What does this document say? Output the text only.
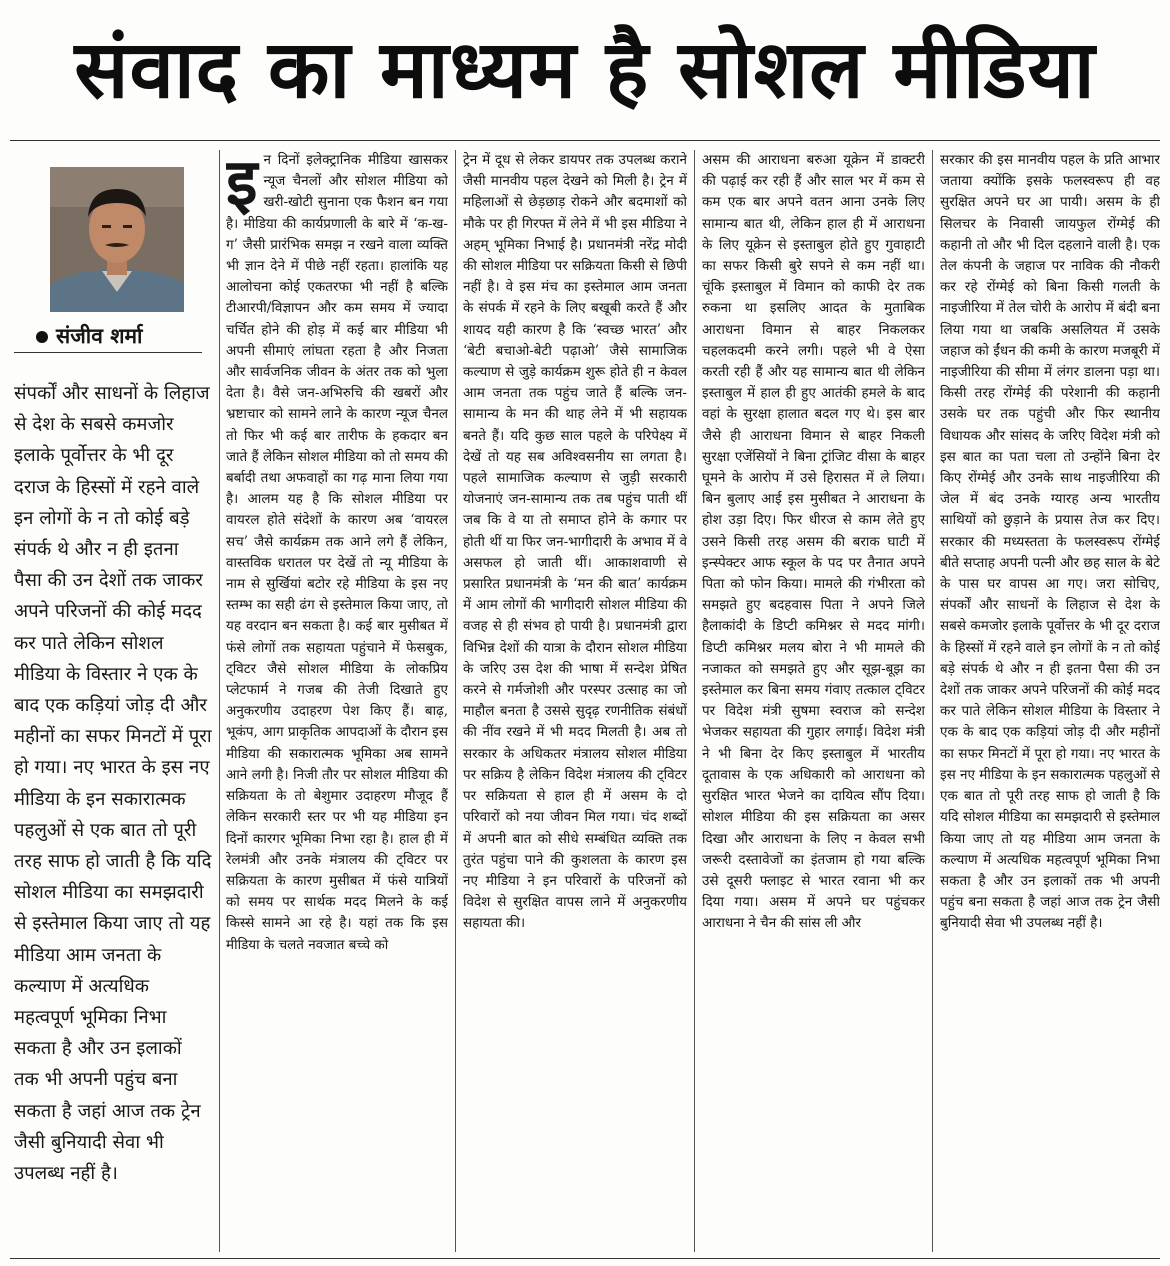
संवाद का माध्यम है सोशल मीडिया
संजीव शर्मा
संपर्कों और साधनों के लिहाज से देश के सबसे कमजोर इलाके पूर्वोत्तर के भी दूर दराज के हिस्सों में रहने वाले इन लोगों के न तो कोई बड़े संपर्क थे और न ही इतना पैसा की उन देशों तक जाकर अपने परिजनों की कोई मदद कर पाते लेकिन सोशल मीडिया के विस्तार ने एक के बाद एक कड़ियां जोड़ दी और महीनों का सफर मिनटों में पूरा हो गया। नए भारत के इस नए मीडिया के इन सकारात्मक पहलुओं से एक बात तो पूरी तरह साफ हो जाती है कि यदि सोशल मीडिया का समझदारी से इस्तेमाल किया जाए तो यह मीडिया आम जनता के कल्याण में अत्यधिक महत्वपूर्ण भूमिका निभा सकता है और उन इलाकों तक भी अपनी पहुंच बना सकता है जहां आज तक ट्रेन जैसी बुनियादी सेवा भी उपलब्ध नहीं है।
इ न दिनों इलेक्ट्रानिक मीडिया खासकर न्यूज चैनलों और सोशल मीडिया को खरी-खोटी सुनाना एक फैशन बन गया है। मीडिया की कार्यप्रणाली के बारे में ‘क-ख-ग’ जैसी प्रारंभिक समझ न रखने वाला व्यक्ति भी ज्ञान देने में पीछे नहीं रहता। हालांकि यह आलोचना कोई एकतरफा भी नहीं है बल्कि टीआरपी/विज्ञापन और कम समय में ज्यादा चर्चित होने की होड़ में कई बार मीडिया भी अपनी सीमाएं लांघता रहता है और निजता और सार्वजनिक जीवन के अंतर तक को भुला देता है। वैसे जन-अभिरुचि की खबरों और भ्रष्टाचार को सामने लाने के कारण न्यूज चैनल तो फिर भी कई बार तारीफ के हकदार बन जाते हैं लेकिन सोशल मीडिया को तो समय की बर्बादी तथा अफवाहों का गढ़ माना लिया गया है। आलम यह है कि सोशल मीडिया पर वायरल होते संदेशों के कारण अब ‘वायरल सच’ जैसे कार्यक्रम तक आने लगे हैं लेकिन, वास्तविक धरातल पर देखें तो न्यू मीडिया के नाम से सुर्खियां बटोर रहे मीडिया के इस नए स्तम्भ का सही ढंग से इस्तेमाल किया जाए, तो यह वरदान बन सकता है। कई बार मुसीबत में फंसे लोगों तक सहायता पहुंचाने में फेसबुक, ट्विटर जैसे सोशल मीडिया के लोकप्रिय प्लेटफार्म ने गजब की तेजी दिखाते हुए अनुकरणीय उदाहरण पेश किए हैं। बाढ़, भूकंप, आग प्राकृतिक आपदाओं के दौरान इस मीडिया की सकारात्मक भूमिका अब सामने आने लगी है। निजी तौर पर सोशल मीडिया की सक्रियता के तो बेशुमार उदाहरण मौजूद हैं लेकिन सरकारी स्तर पर भी यह मीडिया इन दिनों कारगर भूमिका निभा रहा है। हाल ही में रेलमंत्री और उनके मंत्रालय की ट्विटर पर सक्रियता के कारण मुसीबत में फंसे यात्रियों को समय पर सार्थक मदद मिलने के कई किस्से सामने आ रहे है। यहां तक कि इस मीडिया के चलते नवजात बच्चे को

ट्रेन में दूध से लेकर डायपर तक उपलब्ध कराने जैसी मानवीय पहल देखने को मिली है। ट्रेन में महिलाओं से छेड़छाड़ रोकने और बदमाशों को मौके पर ही गिरफ्त में लेने में भी इस मीडिया ने अहम् भूमिका निभाई है। प्रधानमंत्री नरेंद्र मोदी की सोशल मीडिया पर सक्रियता किसी से छिपी नहीं है। वे इस मंच का इस्तेमाल आम जनता के संपर्क में रहने के लिए बखूबी करते हैं और शायद यही कारण है कि ‘स्वच्छ भारत’ और ‘बेटी बचाओ-बेटी पढ़ाओ’ जैसे सामाजिक कल्याण से जुड़े कार्यक्रम शुरू होते ही न केवल आम जनता तक पहुंच जाते हैं बल्कि जन-सामान्य के मन की थाह लेने में भी सहायक बनते हैं। यदि कुछ साल पहले के परिपेक्ष्य में देखें तो यह सब अविश्वसनीय सा लगता है। पहले सामाजिक कल्याण से जुड़ी सरकारी योजनाएं जन-सामान्य तक तब पहुंच पाती थीं जब कि वे या तो समाप्त होने के कगार पर होती थीं या फिर जन-भागीदारी के अभाव में वे असफल हो जाती थीं। आकाशवाणी से प्रसारित प्रधानमंत्री के ‘मन की बात’ कार्यक्रम में आम लोगों की भागीदारी सोशल मीडिया की वजह से ही संभव हो पायी है। प्रधानमंत्री द्वारा विभिन्न देशों की यात्रा के दौरान सोशल मीडिया के जरिए उस देश की भाषा में सन्देश प्रेषित करने से गर्मजोशी और परस्पर उत्साह का जो माहौल बनता है उससे सुदृढ़ रणनीतिक संबंधों की नींव रखने में भी मदद मिलती है। अब तो सरकार के अधिकतर मंत्रालय सोशल मीडिया पर सक्रिय है लेकिन विदेश मंत्रालय की ट्विटर पर सक्रियता से हाल ही में असम के दो परिवारों को नया जीवन मिल गया। चंद शब्दों में अपनी बात को सीधे सम्बंधित व्यक्ति तक तुरंत पहुंचा पाने की कुशलता के कारण इस नए मीडिया ने इन परिवारों के परिजनों को विदेश से सुरक्षित वापस लाने में अनुकरणीय सहायता की।

असम की आराधना बरुआ यूक्रेन में डाक्टरी की पढ़ाई कर रही हैं और साल भर में कम से कम एक बार अपने वतन आना उनके लिए सामान्य बात थी, लेकिन हाल ही में आराधना के लिए यूक्रेन से इस्ताबुल होते हुए गुवाहाटी का सफर किसी बुरे सपने से कम नहीं था। चूंकि इस्ताबुल में विमान को काफी देर तक रुकना था इसलिए आदत के मुताबिक आराधना विमान से बाहर निकलकर चहलकदमी करने लगी। पहले भी वे ऐसा करती रही हैं और यह सामान्य बात थी लेकिन इस्ताबुल में हाल ही हुए आतंकी हमले के बाद वहां के सुरक्षा हालात बदल गए थे। इस बार जैसे ही आराधना विमान से बाहर निकली सुरक्षा एजेंसियों ने बिना ट्रांजिट वीसा के बाहर घूमने के आरोप में उसे हिरासत में ले लिया। बिन बुलाए आई इस मुसीबत ने आराधना के होश उड़ा दिए। फिर धीरज से काम लेते हुए उसने किसी तरह असम की बराक घाटी में इन्स्पेक्टर आफ स्कूल के पद पर तैनात अपने पिता को फोन किया। मामले की गंभीरता को समझते हुए बदहवास पिता ने अपने जिले हैलाकांदी के डिप्टी कमिश्नर से मदद मांगी। डिप्टी कमिश्नर मलय बोरा ने भी मामले की नजाकत को समझते हुए और सूझ-बूझ का इस्तेमाल कर बिना समय गंवाए तत्काल ट्विटर पर विदेश मंत्री सुषमा स्वराज को सन्देश भेजकर सहायता की गुहार लगाई। विदेश मंत्री ने भी बिना देर किए इस्ताबुल में भारतीय दूतावास के एक अधिकारी को आराधना को सुरक्षित भारत भेजने का दायित्व सौंप दिया। सोशल मीडिया की इस सक्रियता का असर दिखा और आराधना के लिए न केवल सभी जरूरी दस्तावेजों का इंतजाम हो गया बल्कि उसे दूसरी फ्लाइट से भारत रवाना भी कर दिया गया। असम में अपने घर पहुंचकर आराधना ने चैन की सांस ली और

सरकार की इस मानवीय पहल के प्रति आभार जताया क्योंकि इसके फलस्वरूप ही वह सुरक्षित अपने घर आ पायी। असम के ही सिलचर के निवासी जायफुल रोंग्मेई की कहानी तो और भी दिल दहलाने वाली है। एक तेल कंपनी के जहाज पर नाविक की नौकरी कर रहे रोंग्मेई को बिना किसी गलती के नाइजीरिया में तेल चोरी के आरोप में बंदी बना लिया गया था जबकि असलियत में उसके जहाज को ईंधन की कमी के कारण मजबूरी में नाइजीरिया की सीमा में लंगर डालना पड़ा था। किसी तरह रोंग्मेई की परेशानी की कहानी उसके घर तक पहुंची और फिर स्थानीय विधायक और सांसद के जरिए विदेश मंत्री को इस बात का पता चला तो उन्होंने बिना देर किए रोंग्मेई और उनके साथ नाइजीरिया की जेल में बंद उनके ग्यारह अन्य भारतीय साथियों को छुड़ाने के प्रयास तेज कर दिए। सरकार की मध्यस्तता के फलस्वरूप रोंग्मेई बीते सप्ताह अपनी पत्नी और छह साल के बेटे के पास घर वापस आ गए। जरा सोचिए, संपर्कों और साधनों के लिहाज से देश के सबसे कमजोर इलाके पूर्वोत्तर के भी दूर दराज के हिस्सों में रहने वाले इन लोगों के न तो कोई बड़े संपर्क थे और न ही इतना पैसा की उन देशों तक जाकर अपने परिजनों की कोई मदद कर पाते लेकिन सोशल मीडिया के विस्तार ने एक के बाद एक कड़ियां जोड़ दी और महीनों का सफर मिनटों में पूरा हो गया। नए भारत के इस नए मीडिया के इन सकारात्मक पहलुओं से एक बात तो पूरी तरह साफ हो जाती है कि यदि सोशल मीडिया का समझदारी से इस्तेमाल किया जाए तो यह मीडिया आम जनता के कल्याण में अत्यधिक महत्वपूर्ण भूमिका निभा सकता है और उन इलाकों तक भी अपनी पहुंच बना सकता है जहां आज तक ट्रेन जैसी बुनियादी सेवा भी उपलब्ध नहीं है।
